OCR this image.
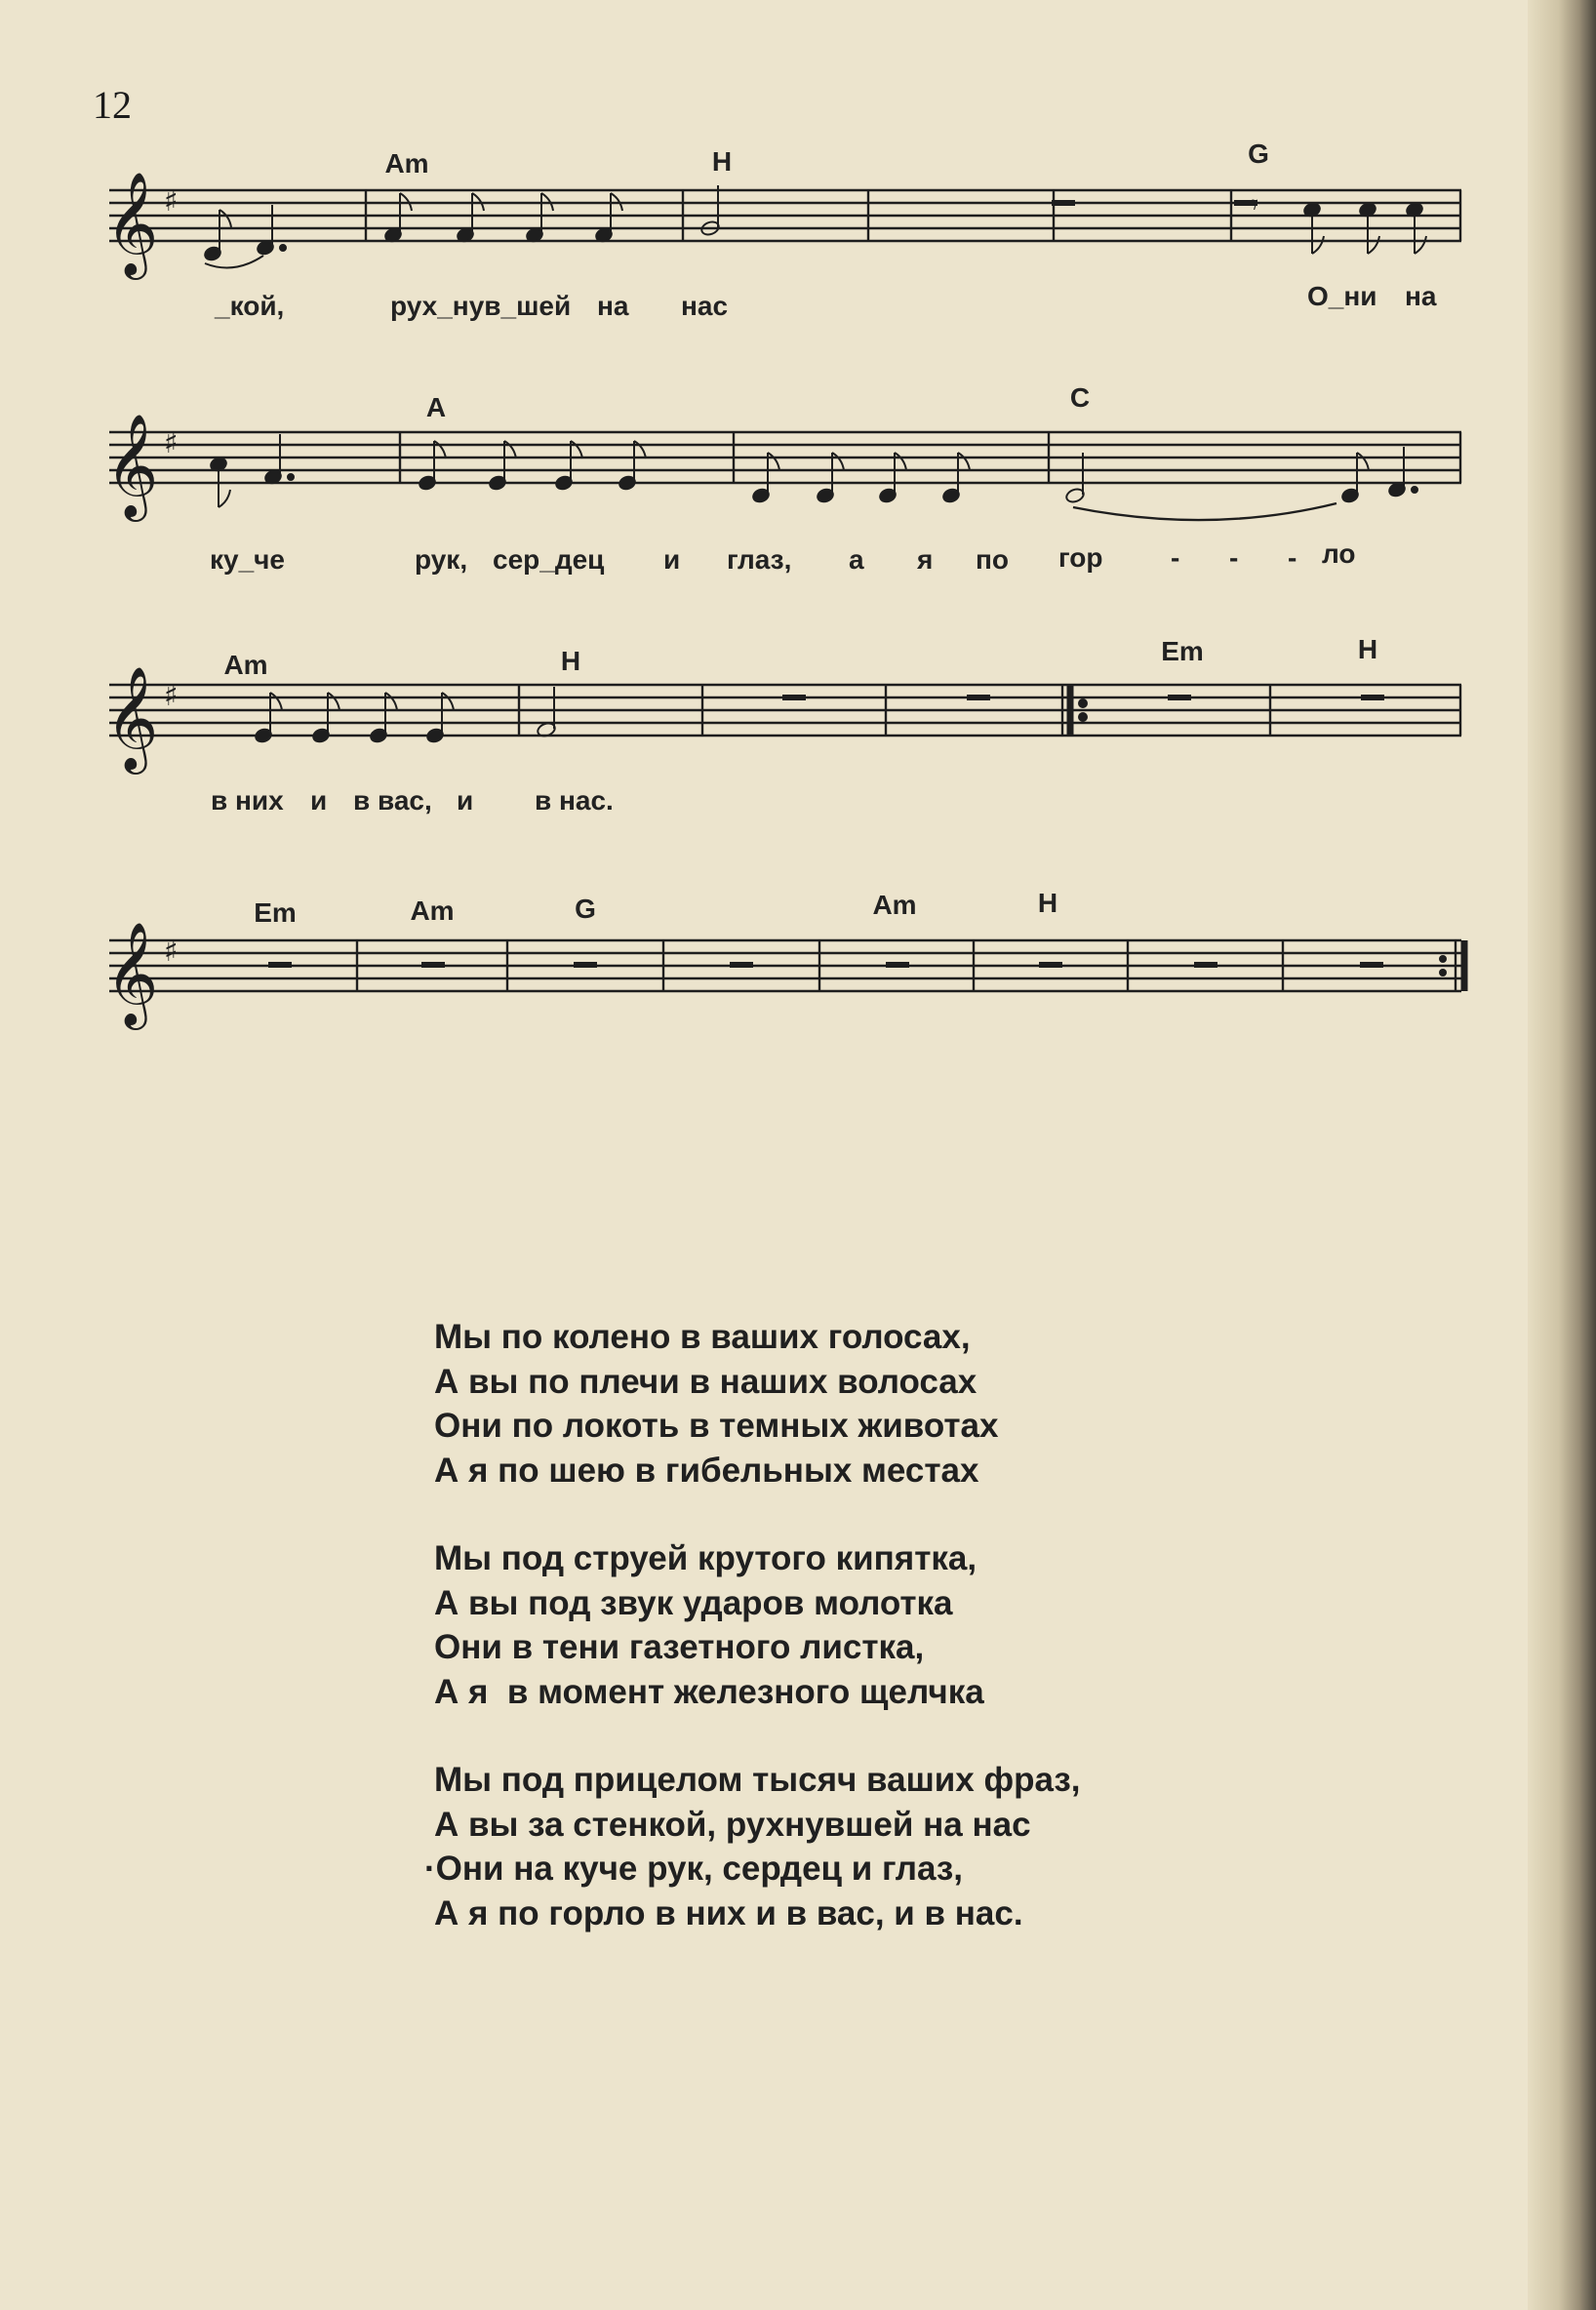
12
Am	H	G
𝄞 ♯	𝄾
_кой,	рух_нув_шей на нас	О_ни на
A	C
𝄞 ♯
ку_че	рук, сер_дец и глаз, а я по гор - - - ло
Am	H	Em	H
𝄞 ♯
в них и в вас, и в нас.
Em	Am	G	Am	H
𝄞 ♯
Мы по колено в ваших голосах,
А вы по плечи в наших волосах
Они по локоть в темных животах
А я по шею в гибельных местах
Мы под струей крутого кипятка,
А вы под звук ударов молотка
Они в тени газетного листка,
А я  в момент железного щелчка
Мы под прицелом тысяч ваших фраз,
А вы за стенкой, рухнувшей на нас
·Они на куче рук, сердец и глаз,
А я по горло в них и в вас, и в нас.
